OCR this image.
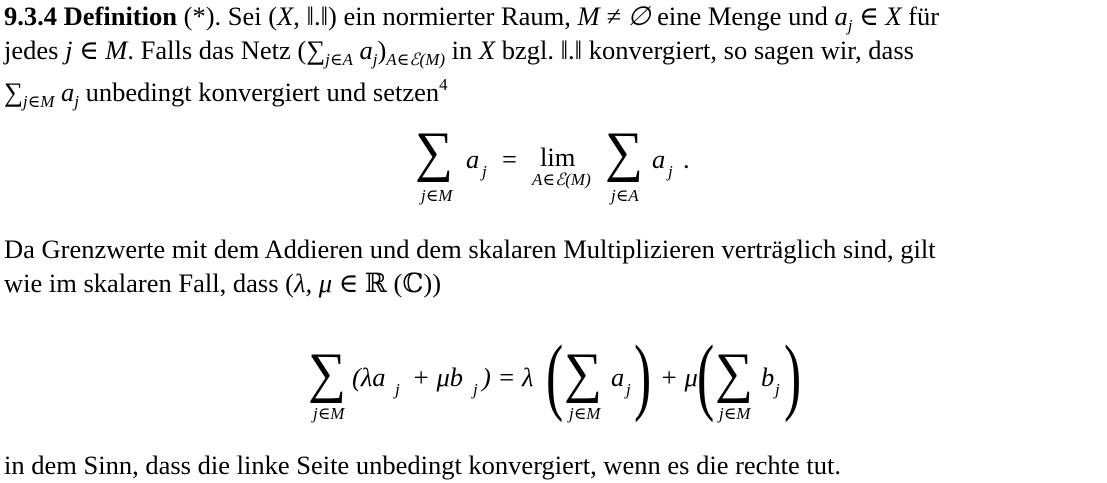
9.3.4 Definition (*). Sei (X, ‖.‖) ein normierter Raum, M ≠ ∅ eine Menge und $a_j$ ∈ X für
jedes j ∈ M. Falls das Netz ($\sum_{j\in A}$ $a_j)_{A\in ℰ(M)}$ in X bzgl. ‖.‖ konvergiert, so sagen wir, dass
$\sum_{j\in M}$ $a_j$ unbedingt konvergiert und setzen$^4$
∑
j∈M
a j = lim
A∈ℰ(M) ∑
j∈A
a j .
Da Grenzwerte mit dem Addieren und dem skalaren Multiplizieren verträglich sind, gilt
wie im skalaren Fall, dass (λ, μ ∈ ℝ (ℂ))
∑
j∈M
(λa j + μb j ) = λ ( ∑
j∈M
a j ) + μ ( ∑
j∈M
b j )
in dem Sinn, dass die linke Seite unbedingt konvergiert, wenn es die rechte tut.
